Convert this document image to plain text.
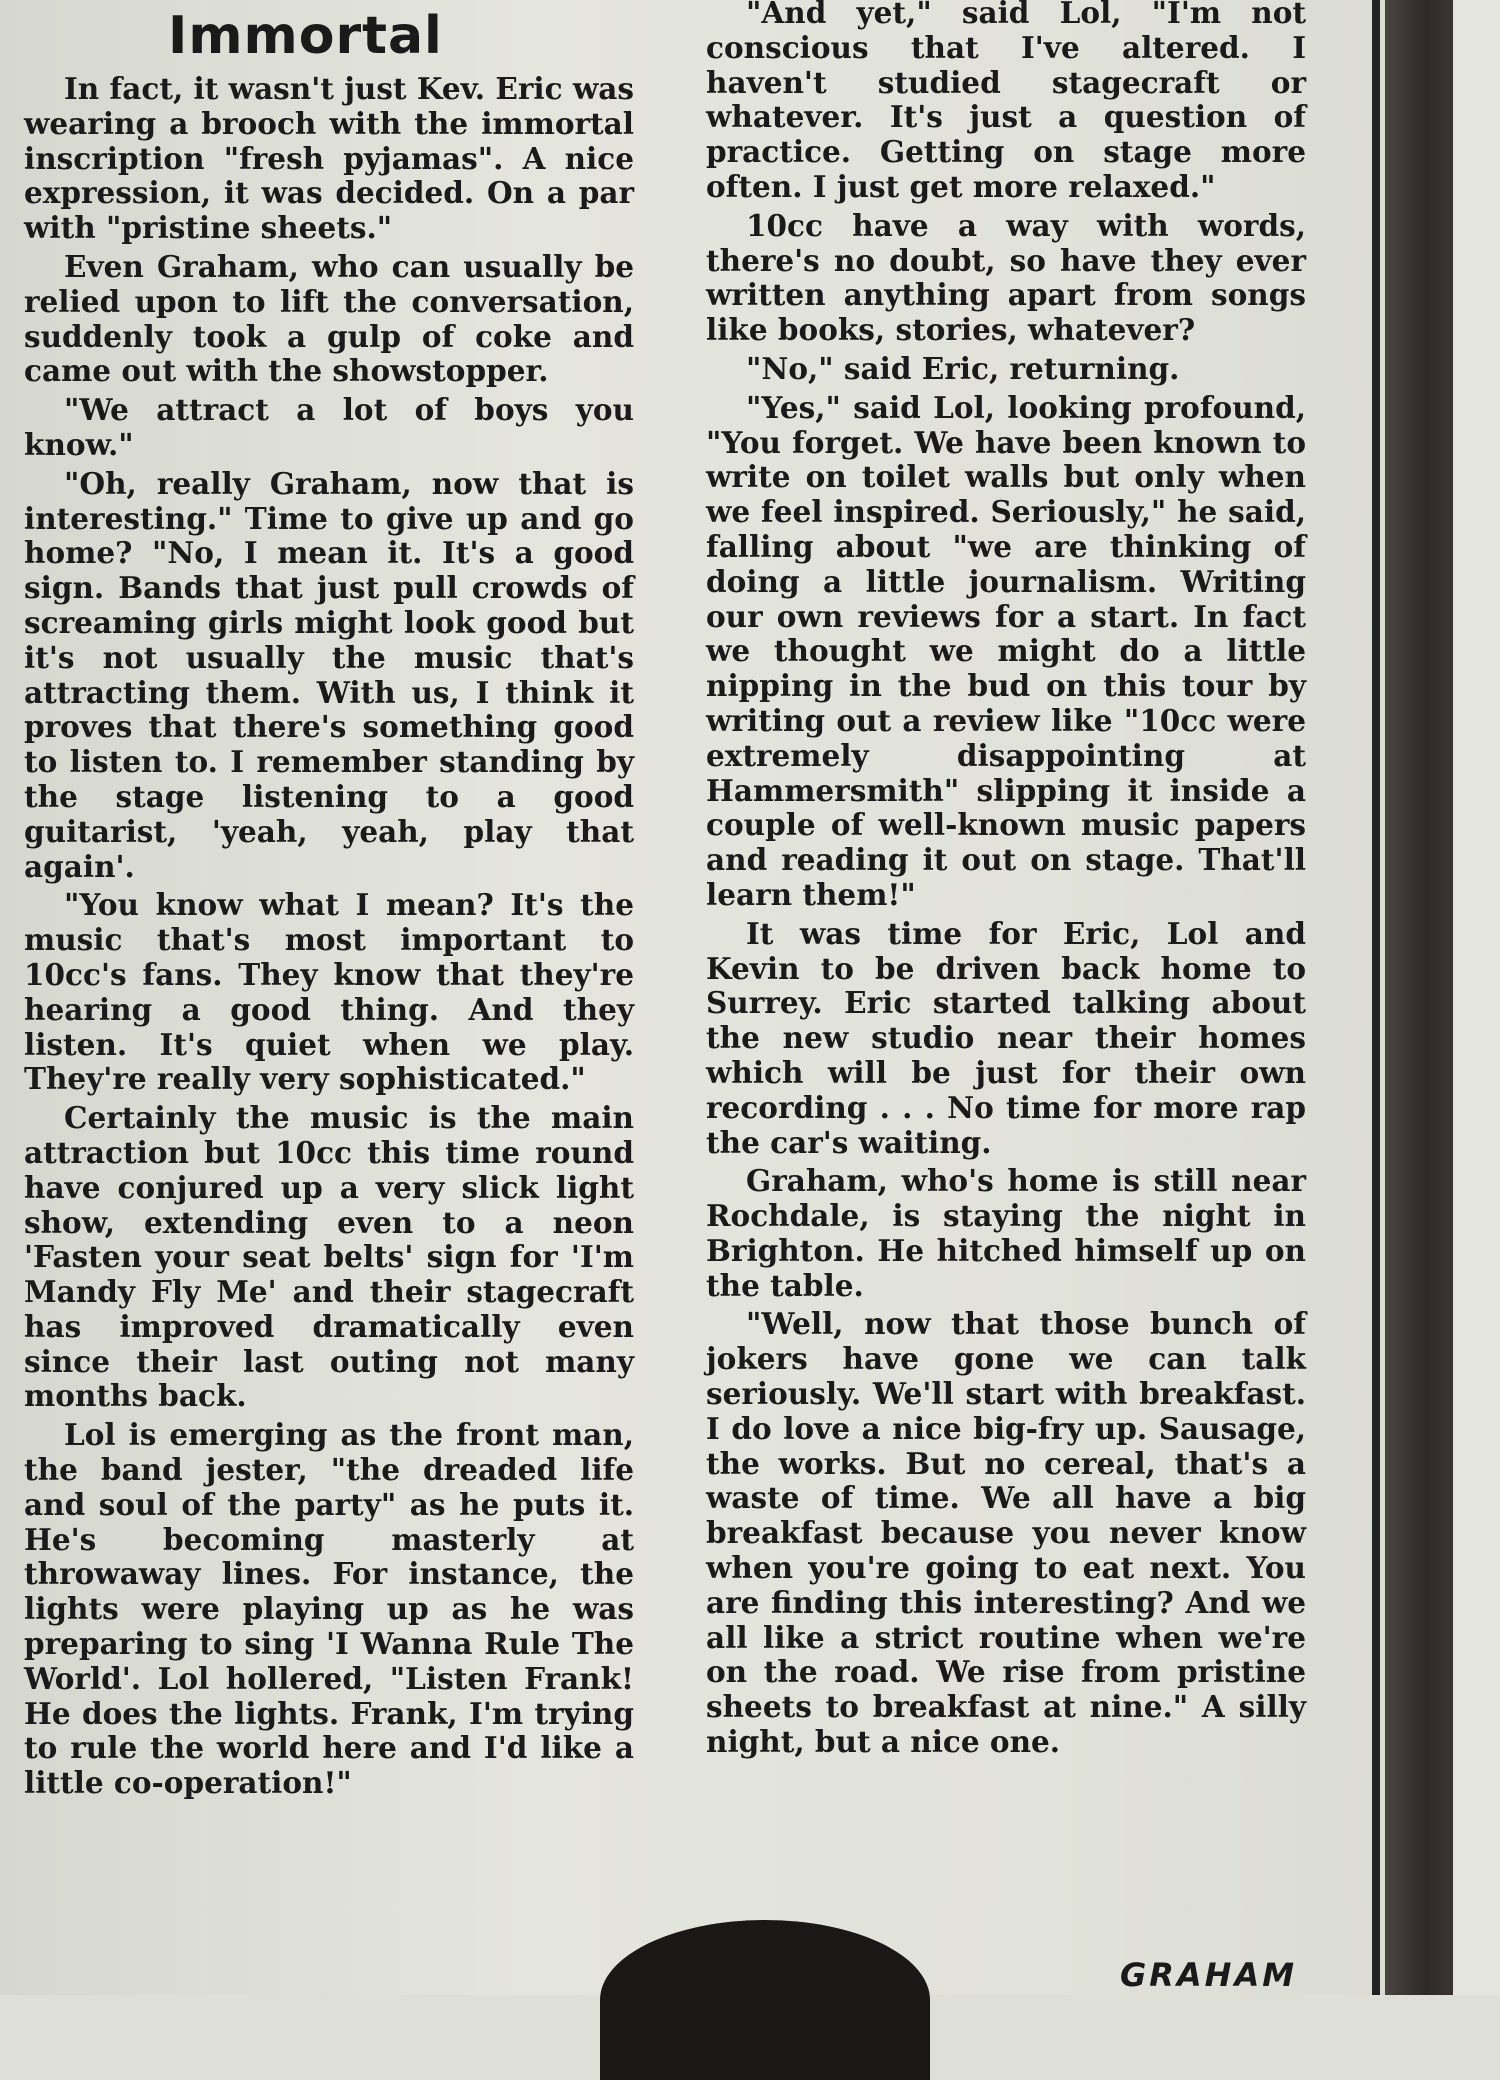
Immortal

In fact, it wasn't just Kev. Eric was wearing a brooch with the immortal inscription "fresh pyjamas". A nice expression, it was decided. On a par with "pristine sheets."

Even Graham, who can usually be relied upon to lift the conversation, suddenly took a gulp of coke and came out with the showstopper.

"We attract a lot of boys you know."

"Oh, really Graham, now that is interesting." Time to give up and go home? "No, I mean it. It's a good sign. Bands that just pull crowds of screaming girls might look good but it's not usually the music that's attracting them. With us, I think it proves that there's something good to listen to. I remember standing by the stage listening to a good guitarist, 'yeah, yeah, play that again'.

"You know what I mean? It's the music that's most important to 10cc's fans. They know that they're hearing a good thing. And they listen. It's quiet when we play. They're really very sophisticated."

Certainly the music is the main attraction but 10cc this time round have conjured up a very slick light show, extending even to a neon 'Fasten your seat belts' sign for 'I'm Mandy Fly Me' and their stagecraft has improved dramatically even since their last outing not many months back.

Lol is emerging as the front man, the band jester, "the dreaded life and soul of the party" as he puts it. He's becoming masterly at throwaway lines. For instance, the lights were playing up as he was preparing to sing 'I Wanna Rule The World'. Lol hollered, "Listen Frank! He does the lights. Frank, I'm trying to rule the world here and I'd like a little co-operation!"

"And yet," said Lol, "I'm not conscious that I've altered. I haven't studied stagecraft or whatever. It's just a question of practice. Getting on stage more often. I just get more relaxed."

10cc have a way with words, there's no doubt, so have they ever written anything apart from songs like books, stories, whatever?

"No," said Eric, returning.

"Yes," said Lol, looking profound, "You forget. We have been known to write on toilet walls but only when we feel inspired. Seriously," he said, falling about "we are thinking of doing a little journalism. Writing our own reviews for a start. In fact we thought we might do a little nipping in the bud on this tour by writing out a review like "10cc were extremely disappointing at Hammersmith" slipping it inside a couple of well-known music papers and reading it out on stage. That'll learn them!"

It was time for Eric, Lol and Kevin to be driven back home to Surrey. Eric started talking about the new studio near their homes which will be just for their own recording . . . No time for more rap the car's waiting.

Graham, who's home is still near Rochdale, is staying the night in Brighton. He hitched himself up on the table.

"Well, now that those bunch of jokers have gone we can talk seriously. We'll start with breakfast. I do love a nice big-fry up. Sausage, the works. But no cereal, that's a waste of time. We all have a big breakfast because you never know when you're going to eat next. You are finding this interesting? And we all like a strict routine when we're on the road. We rise from pristine sheets to breakfast at nine." A silly night, but a nice one.

GRAHAM
